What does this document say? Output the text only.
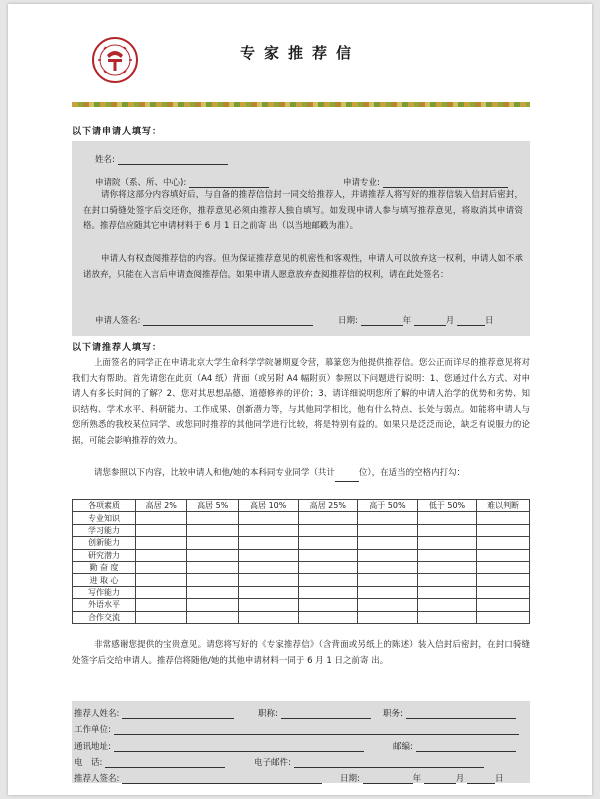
专家推荐信
以下请申请人填写：
姓名:
申请院（系、所、中心):	申请专业:
请你将这部分内容填好后，与自备的推荐信信封一同交给推荐人，并请推荐人将写好的推荐信装入信封后密封，在封口骑缝处签字后交还你，推荐意见必须由推荐人独自填写。如发现申请人参与填写推荐意见，将取消其申请资格。推荐信应随其它申请材料于 6 月 1 日之前寄 出（以当地邮戳为准）。
申请人有权查阅推荐信的内容。但为保证推荐意见的机密性和客观性，申请人可以放弃这一权利，申请人如不承诺放弃，只能在入言后申请查阅推荐信。如果申请人愿意放弃查阅推荐信的权利，请在此处签名：
申请人签名:	日期:	年	月	日
以下请推荐人填写：
上面签名的同学正在申请北京大学生命科学学院暑期夏令营，慕篆您为他提供推荐信。您公正而详尽的推荐意见将对我们大有帮助。首先请您在此页（A4 纸）背面（或另附 A4 幅附页）参照以下问题进行说明：1、您通过什么方式、对申请人有多长时间的了解？2、您对其思想品德、道德修养的评价；3、请详细说明您所了解的申请人治学的优势和劣势、知识结构、学术水平、科研能力、工作成果、创新潜力等，与其他同学相比，他有什么特点、长处与弱点。如能将申请人与您所熟悉的我校某位同学、或您同时推荐的其他同学进行比较，将是特别有益的。如果只是泛泛而论，缺乏有说服力的论据，可能会影响推荐的效力。
请您参照以下内容，比较申请人和他/她的本科同专业同学（共计	位），在适当的空格内打勾：
各项素质	高居 2%	高居 5%	高居 10%	高居 25%	高于 50%	低于 50%	难以判断
专业知识							
学习能力							
创新能力							
研究潜力							
勤 奋 度							
进 取 心							
写作能力							
外语水平							
合作交流							
非常感谢您提供的宝贵意见。请您将写好的《专家推荐信》（含背面或另纸上的陈述）装入信封后密封，在封口骑缝处签字后交给申请人。推荐信将随他/她的其他申请材料一同于 6 月 1 日之前寄 出。
推荐人姓名:	职称:	职务:
工作单位:
通讯地址:	邮编:
电　话:	电子邮件:
推荐人签名:	日期:	年	月	日
